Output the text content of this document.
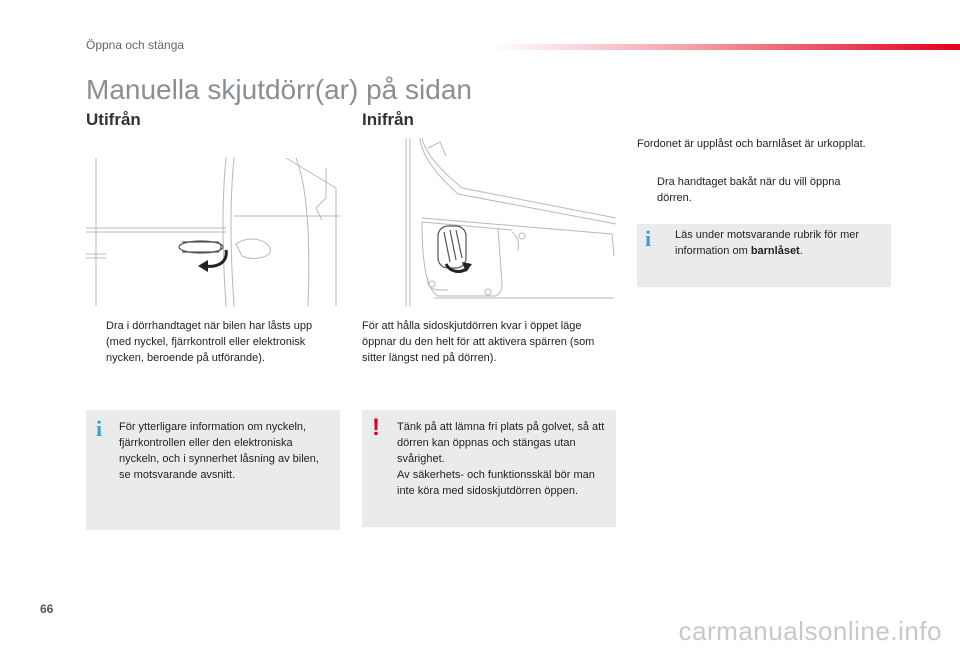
Öppna och stänga
Manuella skjutdörr(ar) på sidan
Utifrån	Inifrån
Dra i dörrhandtaget när bilen har låsts upp (med nyckel, fjärrkontroll eller elektronisk nycken, beroende på utförande).
För att hålla sidoskjutdörren kvar i öppet läge öppnar du den helt för att aktivera spärren (som sitter längst ned på dörren).
Fordonet är upplåst och barnlåset är urkopplat.
Dra handtaget bakåt när du vill öppna dörren.
i Läs under motsvarande rubrik för mer information om barnlåset.
i För ytterligare information om nyckeln, fjärrkontrollen eller den elektroniska nyckeln, och i synnerhet låsning av bilen, se motsvarande avsnitt.
! Tänk på att lämna fri plats på golvet, så att dörren kan öppnas och stängas utan svårighet.
Av säkerhets- och funktionsskäl bör man inte köra med sidoskjutdörren öppen.
66
carmanualsonline.info
